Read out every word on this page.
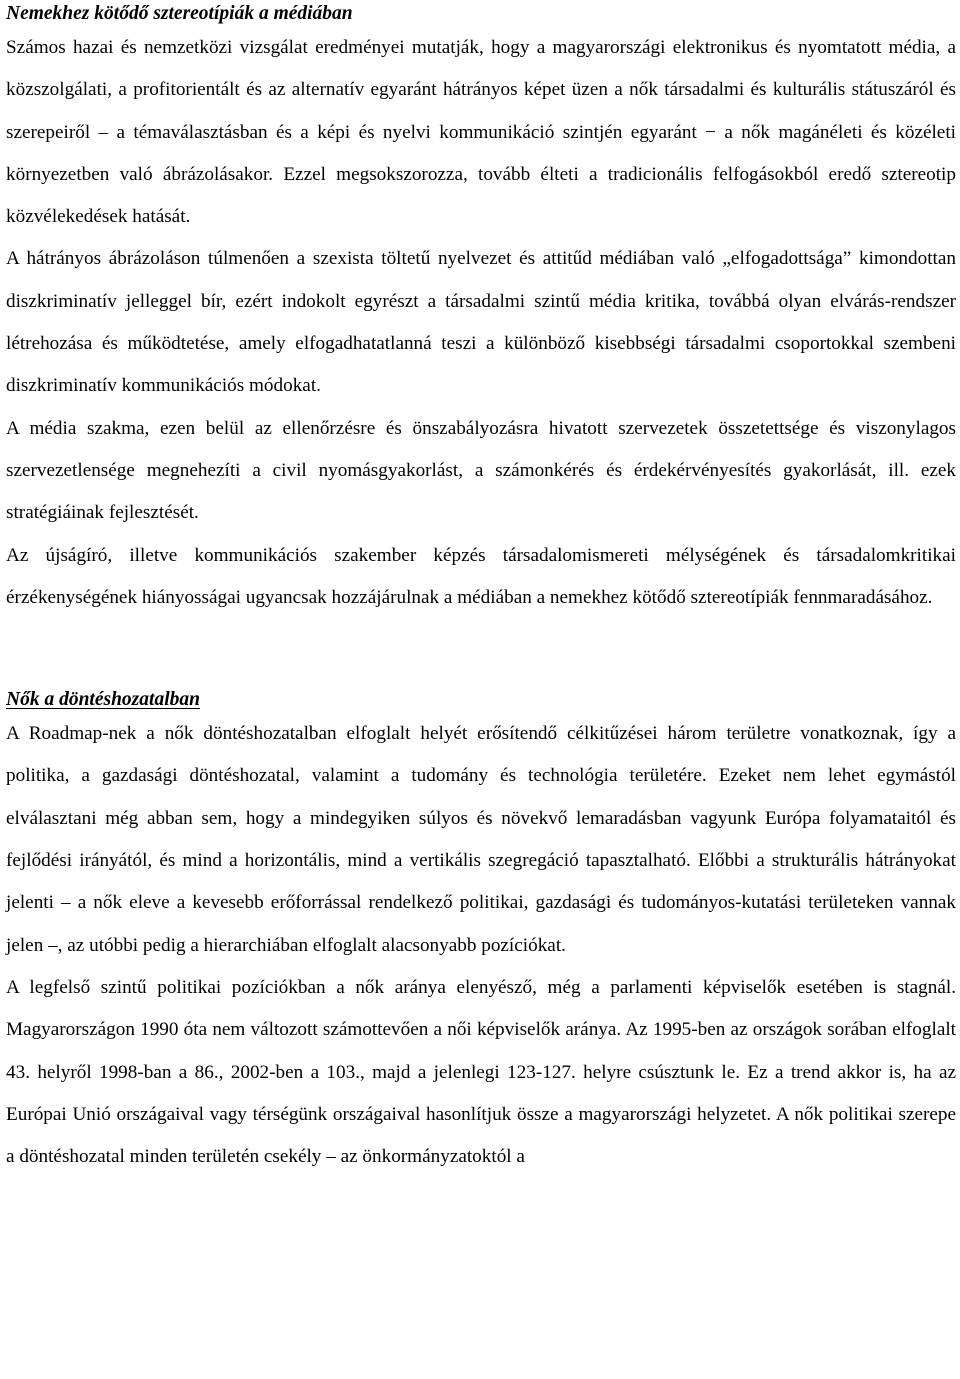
Nemekhez kötődő sztereotípiák a médiában

Számos hazai és nemzetközi vizsgálat eredményei mutatják, hogy a magyarországi elektronikus és nyomtatott média, a közszolgálati, a profitorientált és az alternatív egyaránt hátrányos képet üzen a nők társadalmi és kulturális státuszáról és szerepeiről – a témaválasztásban és a képi és nyelvi kommunikáció szintjén egyaránt − a nők magánéleti és közéleti környezetben való ábrázolásakor. Ezzel megsokszorozza, tovább élteti a tradicionális felfogásokból eredő sztereotip közvélekedések hatását.

A hátrányos ábrázoláson túlmenően a szexista töltetű nyelvezet és attitűd médiában való „elfogadottsága” kimondottan diszkriminatív jelleggel bír, ezért indokolt egyrészt a társadalmi szintű média kritika, továbbá olyan elvárás-rendszer létrehozása és működtetése, amely elfogadhatatlanná teszi a különböző kisebbségi társadalmi csoportokkal szembeni diszkriminatív kommunikációs módokat.

A média szakma, ezen belül az ellenőrzésre és önszabályozásra hivatott szervezetek összetettsége és viszonylagos szervezetlensége megnehezíti a civil nyomásgyakorlást, a számonkérés és érdekérvényesítés gyakorlását, ill. ezek stratégiáinak fejlesztését.

Az újságíró, illetve kommunikációs szakember képzés társadalomismereti mélységének és társadalomkritikai érzékenységének hiányosságai ugyancsak hozzájárulnak a médiában a nemekhez kötődő sztereotípiák fennmaradásához.

Nők a döntéshozatalban

A Roadmap-nek a nők döntéshozatalban elfoglalt helyét erősítendő célkitűzései három területre vonatkoznak, így a politika, a gazdasági döntéshozatal, valamint a tudomány és technológia területére. Ezeket nem lehet egymástól elválasztani még abban sem, hogy a mindegyiken súlyos és növekvő lemaradásban vagyunk Európa folyamataitól és fejlődési irányától, és mind a horizontális, mind a vertikális szegregáció tapasztalható. Előbbi a strukturális hátrányokat jelenti – a nők eleve a kevesebb erőforrással rendelkező politikai, gazdasági és tudományos-kutatási területeken vannak jelen –, az utóbbi pedig a hierarchiában elfoglalt alacsonyabb pozíciókat.

A legfelső szintű politikai pozíciókban a nők aránya elenyésző, még a parlamenti képviselők esetében is stagnál. Magyarországon 1990 óta nem változott számottevően a női képviselők aránya. Az 1995-ben az országok sorában elfoglalt 43. helyről 1998-ban a 86., 2002-ben a 103., majd a jelenlegi 123-127. helyre csúsztunk le. Ez a trend akkor is, ha az Európai Unió országaival vagy térségünk országaival hasonlítjuk össze a magyarországi helyzetet. A nők politikai szerepe a döntéshozatal minden területén csekély – az önkormányzatoktól a
